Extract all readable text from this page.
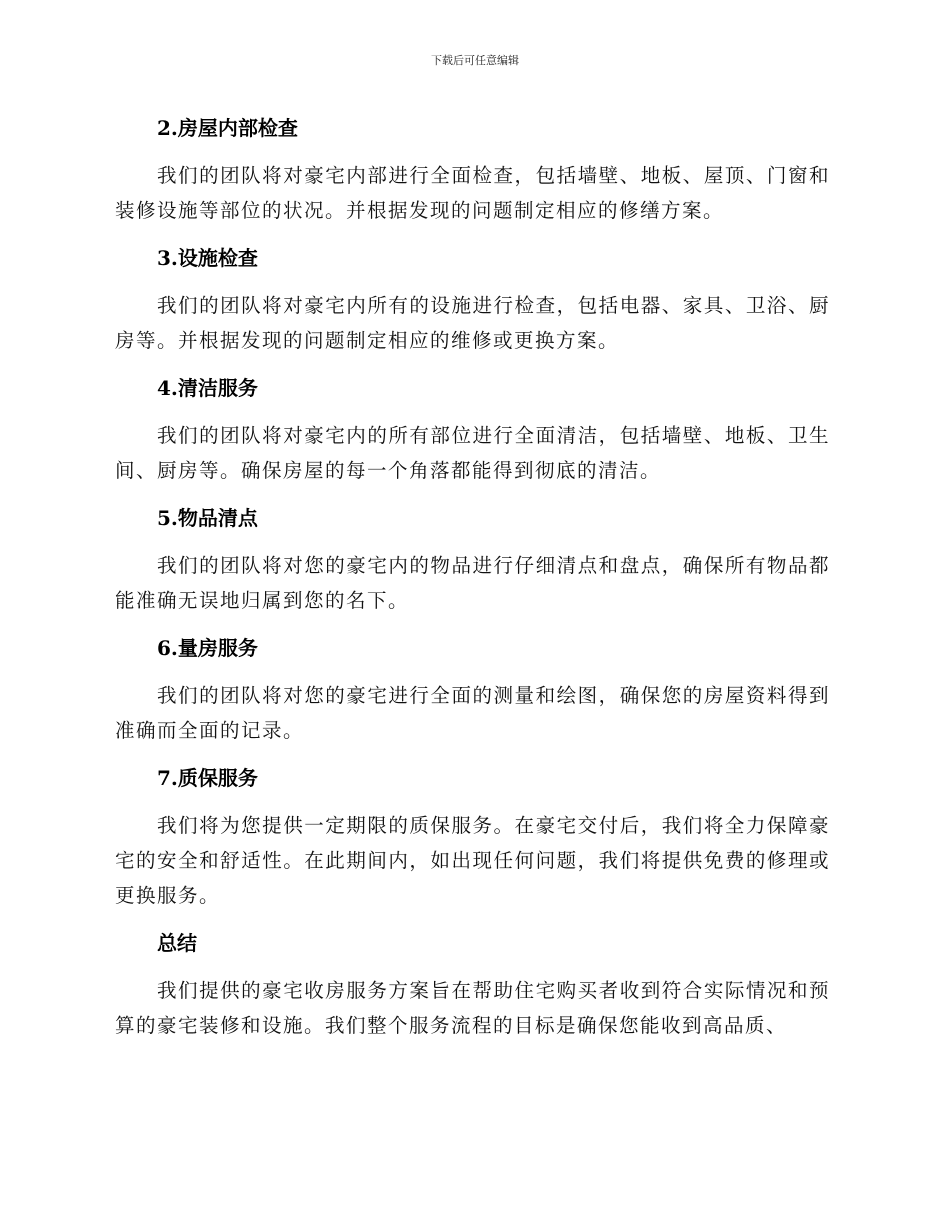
下载后可任意编辑
2.房屋内部检查

我们的团队将对豪宅内部进行全面检查，包括墙壁、地板、屋顶、门窗和装修设施等部位的状况。并根据发现的问题制定相应的修缮方案。

3.设施检查

我们的团队将对豪宅内所有的设施进行检查，包括电器、家具、卫浴、厨房等。并根据发现的问题制定相应的维修或更换方案。

4.清洁服务

我们的团队将对豪宅内的所有部位进行全面清洁，包括墙壁、地板、卫生间、厨房等。确保房屋的每一个角落都能得到彻底的清洁。

5.物品清点

我们的团队将对您的豪宅内的物品进行仔细清点和盘点，确保所有物品都能准确无误地归属到您的名下。

6.量房服务

我们的团队将对您的豪宅进行全面的测量和绘图，确保您的房屋资料得到准确而全面的记录。

7.质保服务

我们将为您提供一定期限的质保服务。在豪宅交付后，我们将全力保障豪宅的安全和舒适性。在此期间内，如出现任何问题，我们将提供免费的修理或更换服务。

总结

我们提供的豪宅收房服务方案旨在帮助住宅购买者收到符合实际情况和预算的豪宅装修和设施。我们整个服务流程的目标是确保您能收到高品质、
